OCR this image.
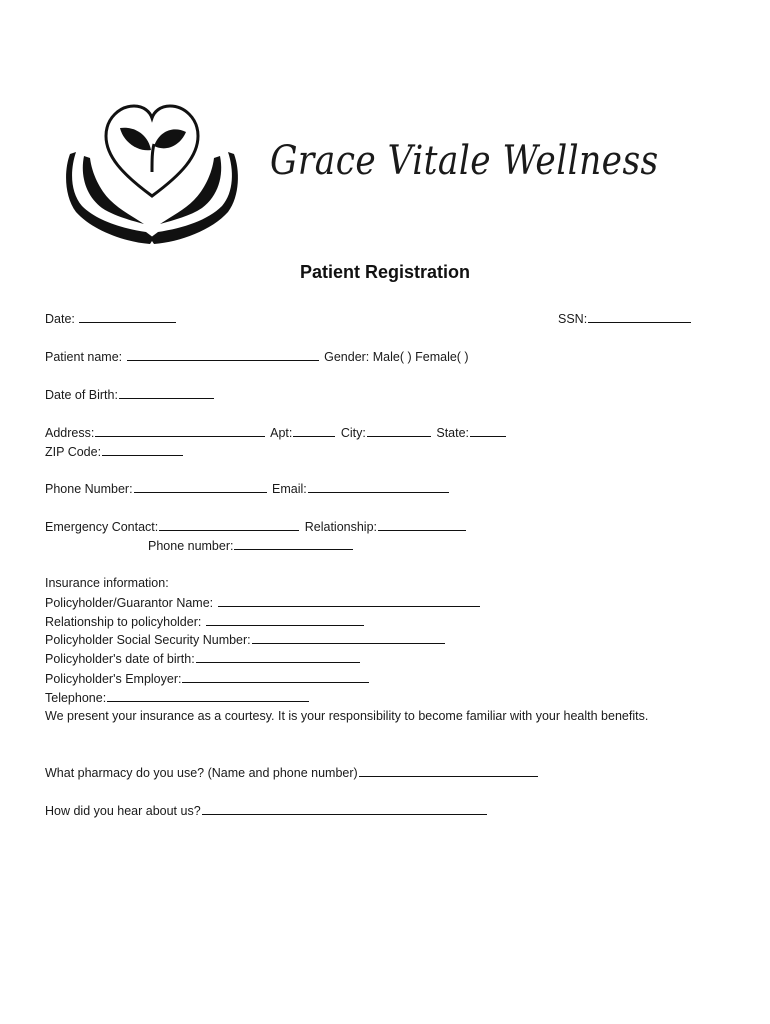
Grace Vitale Wellness
Patient Registration
Date:	SSN:
Patient name:	Gender: Male( ) Female( )
Date of Birth:
Address:	Apt:	City:	State:
ZIP Code:
Phone Number:	Email:
Emergency Contact:	Relationship:
Phone number:
Insurance information:
Policyholder/Guarantor Name:
Relationship to policyholder:
Policyholder Social Security Number:
Policyholder's date of birth:
Policyholder's Employer:
Telephone:
We present your insurance as a courtesy. It is your responsibility to become familiar with your health benefits.
What pharmacy do you use? (Name and phone number)
How did you hear about us?
